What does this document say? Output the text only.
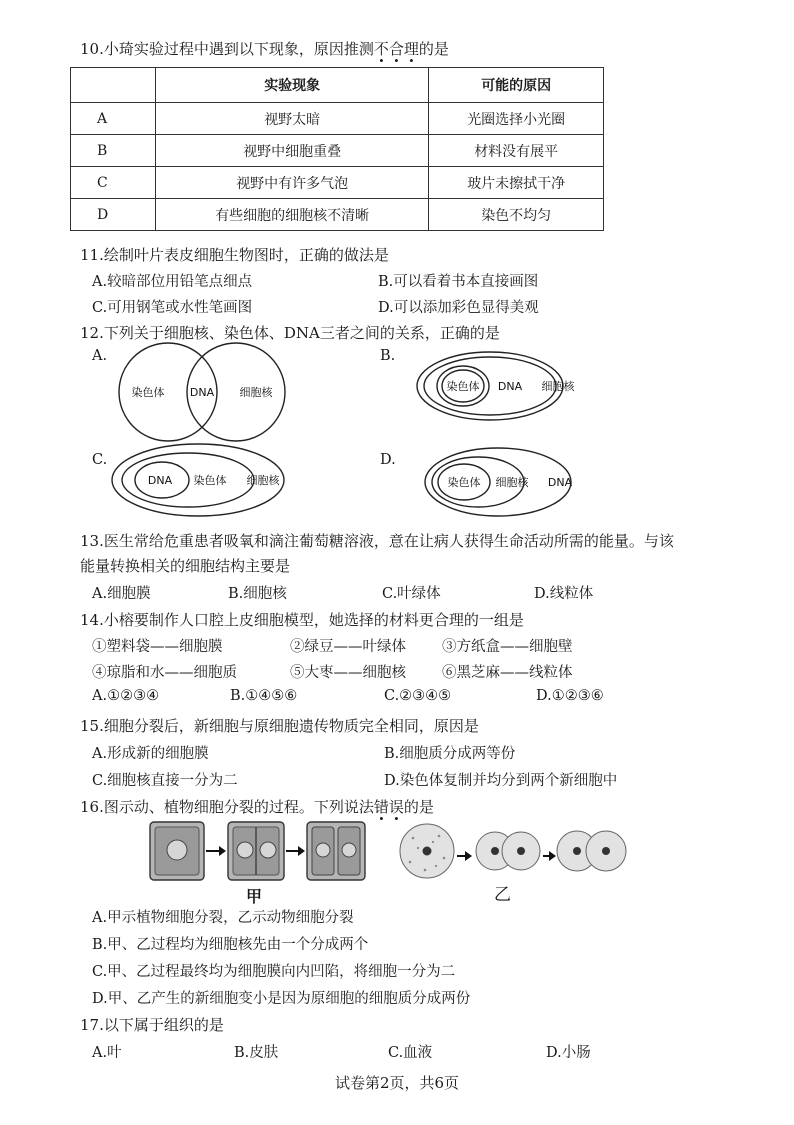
10.小琦实验过程中遇到以下现象，原因推测不合理的是
	实验现象	可能的原因
A	视野太暗	光圈选择小光圈
B	视野中细胞重叠	材料没有展平
C	视野中有许多气泡	玻片未擦拭干净
D	有些细胞的细胞核不清晰	染色不均匀
11.绘制叶片表皮细胞生物图时，正确的做法是
A.较暗部位用铅笔点细点	B.可以看着书本直接画图
C.可用钢笔或水性笔画图	D.可以添加彩色显得美观
12.下列关于细胞核、染色体、DNA三者之间的关系，正确的是
A.	B.
C.	D.
染色体 DNA 细胞核	染色体 DNA 细胞核
DNA 染色体 细胞核	染色体 细胞核 DNA
13.医生常给危重患者吸氧和滴注葡萄糖溶液，意在让病人获得生命活动所需的能量。与该
能量转换相关的细胞结构主要是
A.细胞膜	B.细胞核	C.叶绿体	D.线粒体
14.小榕要制作人口腔上皮细胞模型，她选择的材料更合理的一组是
①塑料袋——细胞膜	②绿豆——叶绿体 ③方纸盒——细胞壁
④琼脂和水——细胞质	⑤大枣——细胞核 ⑥黑芝麻——线粒体
A.①②③④	B.①④⑤⑥	C.②③④⑤	D.①②③⑥
15.细胞分裂后，新细胞与原细胞遗传物质完全相同，原因是
A.形成新的细胞膜	B.细胞质分成两等份
C.细胞核直接一分为二	D.染色体复制并均分到两个新细胞中
16.图示动、植物细胞分裂的过程。下列说法错误的是
甲	乙
A.甲示植物细胞分裂，乙示动物细胞分裂
B.甲、乙过程均为细胞核先由一个分成两个
C.甲、乙过程最终均为细胞膜向内凹陷，将细胞一分为二
D.甲、乙产生的新细胞变小是因为原细胞的细胞质分成两份
17.以下属于组织的是
A.叶	B.皮肤	C.血液	D.小肠
试卷第2页，共6页
